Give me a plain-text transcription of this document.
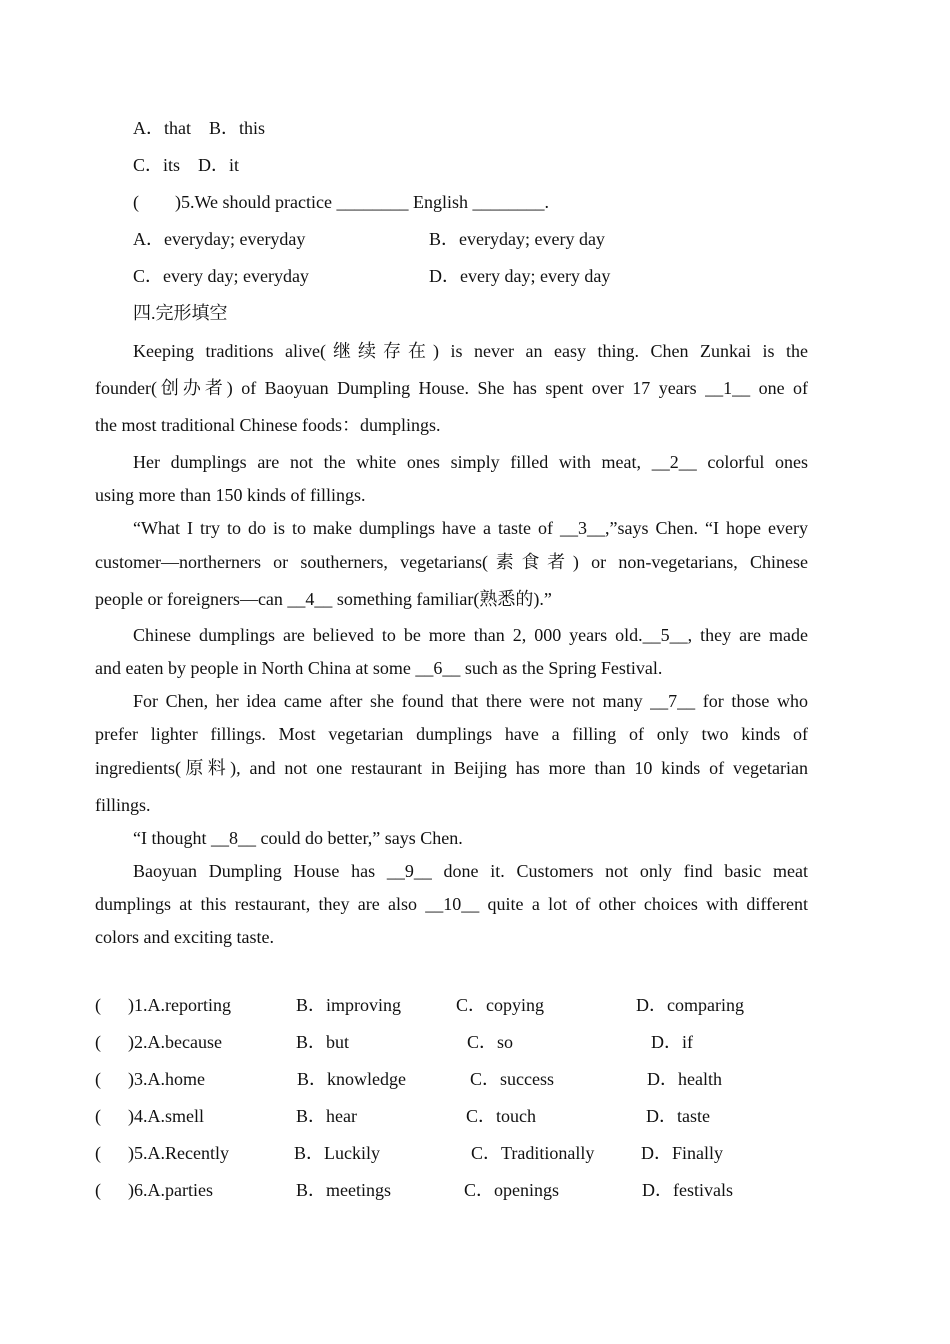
A．that    B．this
C．its    D．it
(        )5.We should practice ________ English ________.
A．everyday; everyday	B．everyday; every day
C．every day; everyday	D．every day; every day
四.完形填空
Keeping traditions alive(继续存在) is never an easy thing. Chen Zunkai is the
founder(创办者) of Baoyuan Dumpling House. She has spent over 17 years __1__ one of
the most traditional Chinese foods：dumplings.
Her dumplings are not the white ones simply filled with meat, __2__ colorful ones
using more than 150 kinds of fillings.
“What I try to do is to make dumplings have a taste of __3__,”says Chen. “I hope every
customer—northerners or southerners, vegetarians(素食者) or non-vegetarians, Chinese
people or foreigners—can __4__ something familiar(熟悉的).”
Chinese dumplings are believed to be more than 2, 000 years old.__5__, they are made
and eaten by people in North China at some __6__ such as the Spring Festival.
For Chen, her idea came after she found that there were not many __7__ for those who
prefer lighter fillings. Most vegetarian dumplings have a filling of only two kinds of
ingredients(原料), and not one restaurant in Beijing has more than 10 kinds of vegetarian
fillings.
“I thought __8__ could do better,” says Chen.
Baoyuan Dumpling House has __9__ done it. Customers not only find basic meat
dumplings at this restaurant, they are also __10__ quite a lot of other choices with different
colors and exciting taste.
(      )1.A.reporting	B．improving	C．copying	D．comparing
(      )2.A.because	B．but	C．so	D．if
(      )3.A.home	B．knowledge	C．success	D．health
(      )4.A.smell	B．hear	C．touch	D．taste
(      )5.A.Recently	B．Luckily	C．Traditionally	D．Finally
(      )6.A.parties	B．meetings	C．openings	D．festivals
